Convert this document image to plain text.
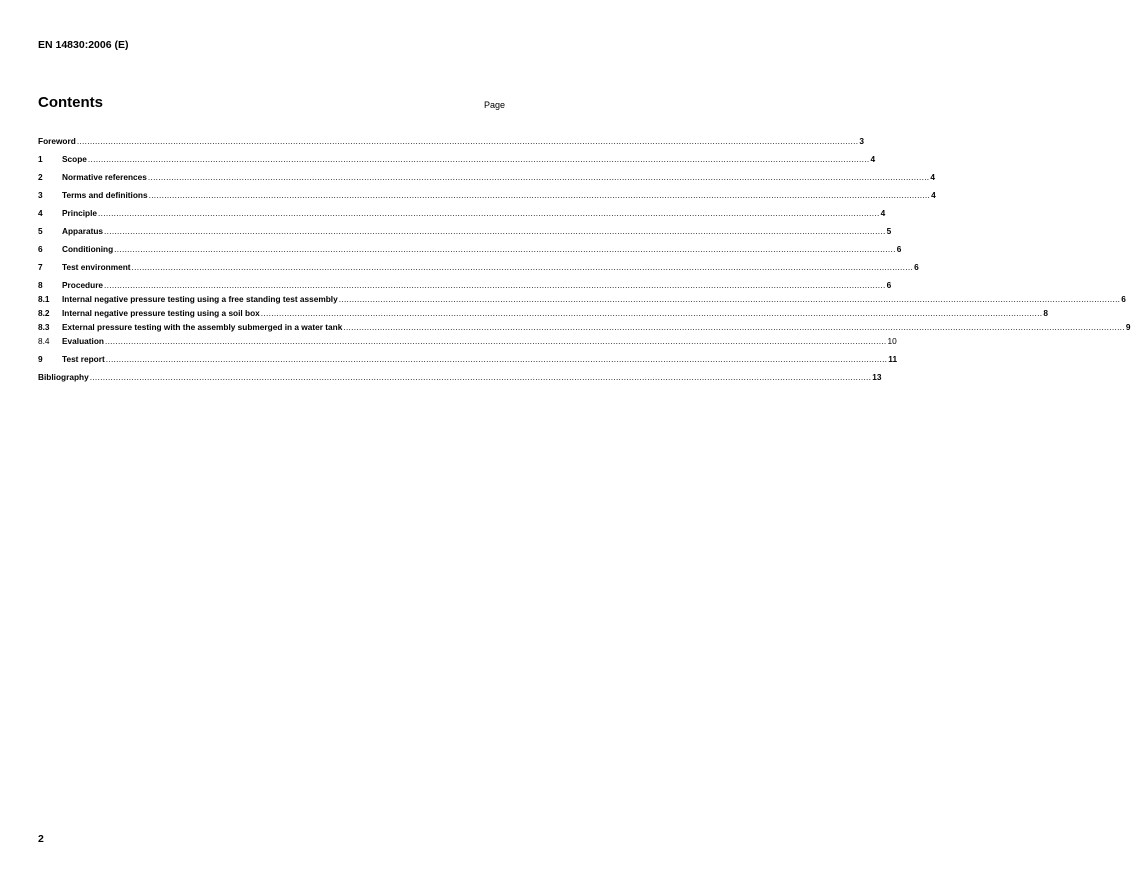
EN 14830:2006 (E)
Contents	Page
Foreword ............................................................................................................................................................................................................................................................................................................ 3
1	Scope ............................................................................................................................................................................................................................................................................................................ 4
2	Normative references ............................................................................................................................................................................................................................................................................................................ 4
3	Terms and definitions ............................................................................................................................................................................................................................................................................................................ 4
4	Principle ............................................................................................................................................................................................................................................................................................................ 4
5	Apparatus ............................................................................................................................................................................................................................................................................................................ 5
6	Conditioning ............................................................................................................................................................................................................................................................................................................ 6
7	Test environment ............................................................................................................................................................................................................................................................................................................ 6
8	Procedure ............................................................................................................................................................................................................................................................................................................ 6
8.1	Internal negative pressure testing using a free standing test assembly ............................................................................................................................................................................................................................................................................................................ 6
8.2	Internal negative pressure testing using a soil box ............................................................................................................................................................................................................................................................................................................ 8
8.3	External pressure testing with the assembly submerged in a water tank ............................................................................................................................................................................................................................................................................................................ 9
8.4	Evaluation ............................................................................................................................................................................................................................................................................................................ 10
9	Test report ............................................................................................................................................................................................................................................................................................................ 11
Bibliography ............................................................................................................................................................................................................................................................................................................ 13
2
